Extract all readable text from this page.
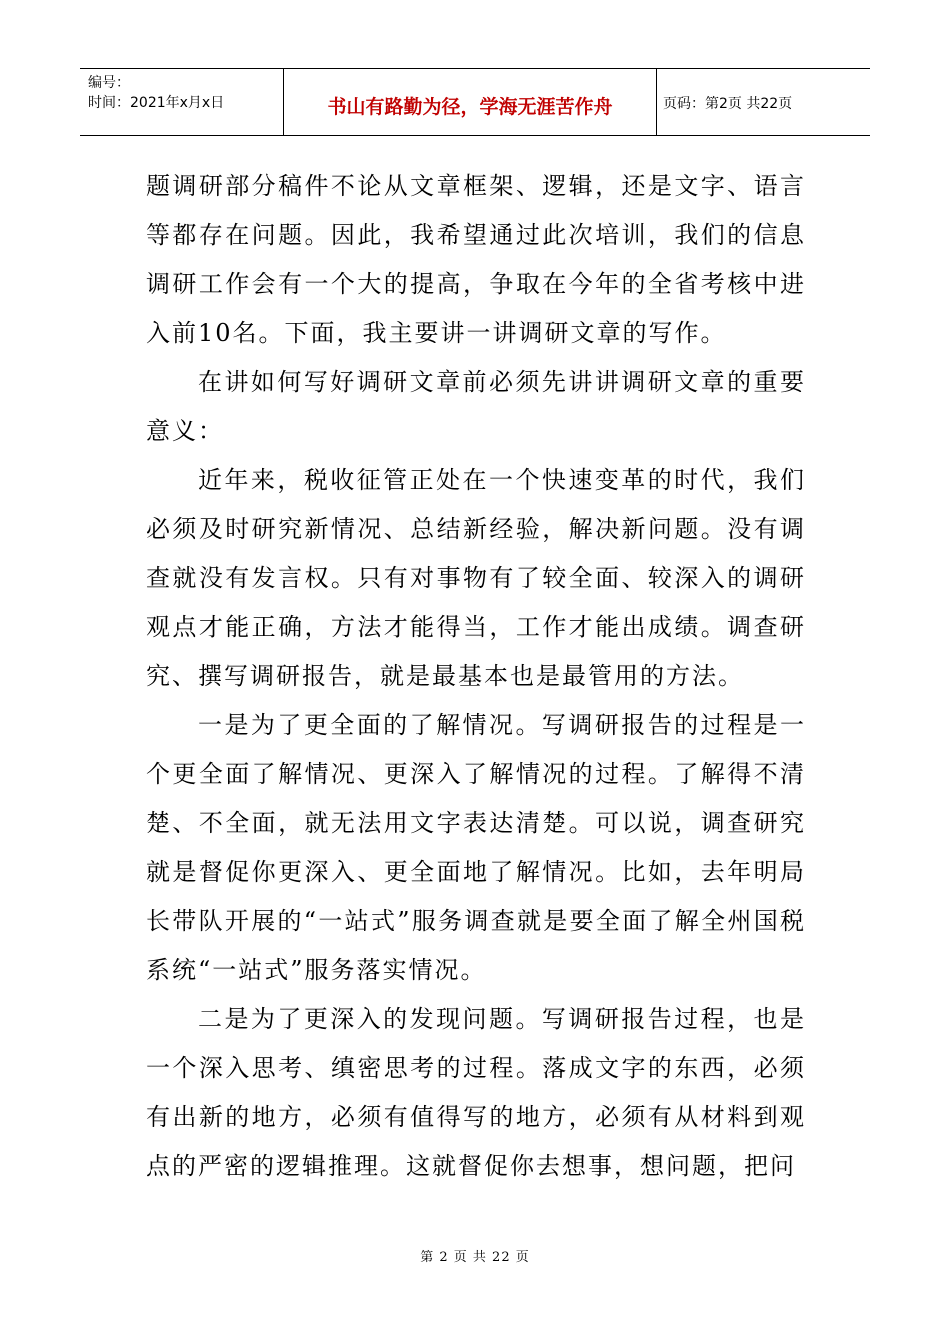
编号：
时间：2021年x月x日	书山有路勤为径，学海无涯苦作舟	页码：第2页 共22页

题调研部分稿件不论从文章框架、逻辑，还是文字、语言等都存在问题。因此，我希望通过此次培训，我们的信息调研工作会有一个大的提高，争取在今年的全省考核中进入前10名。下面，我主要讲一讲调研文章的写作。

在讲如何写好调研文章前必须先讲讲调研文章的重要意义：

近年来，税收征管正处在一个快速变革的时代，我们必须及时研究新情况、总结新经验，解决新问题。没有调查就没有发言权。只有对事物有了较全面、较深入的调研观点才能正确，方法才能得当，工作才能出成绩。调查研究、撰写调研报告，就是最基本也是最管用的方法。

一是为了更全面的了解情况。写调研报告的过程是一个更全面了解情况、更深入了解情况的过程。了解得不清楚、不全面，就无法用文字表达清楚。可以说，调查研究就是督促你更深入、更全面地了解情况。比如，去年明局长带队开展的“一站式”服务调查就是要全面了解全州国税系统“一站式”服务落实情况。

二是为了更深入的发现问题。写调研报告过程，也是一个深入思考、缜密思考的过程。落成文字的东西，必须有出新的地方，必须有值得写的地方，必须有从材料到观点的严密的逻辑推理。这就督促你去想事，想问题，把问

第 2 页 共 22 页
